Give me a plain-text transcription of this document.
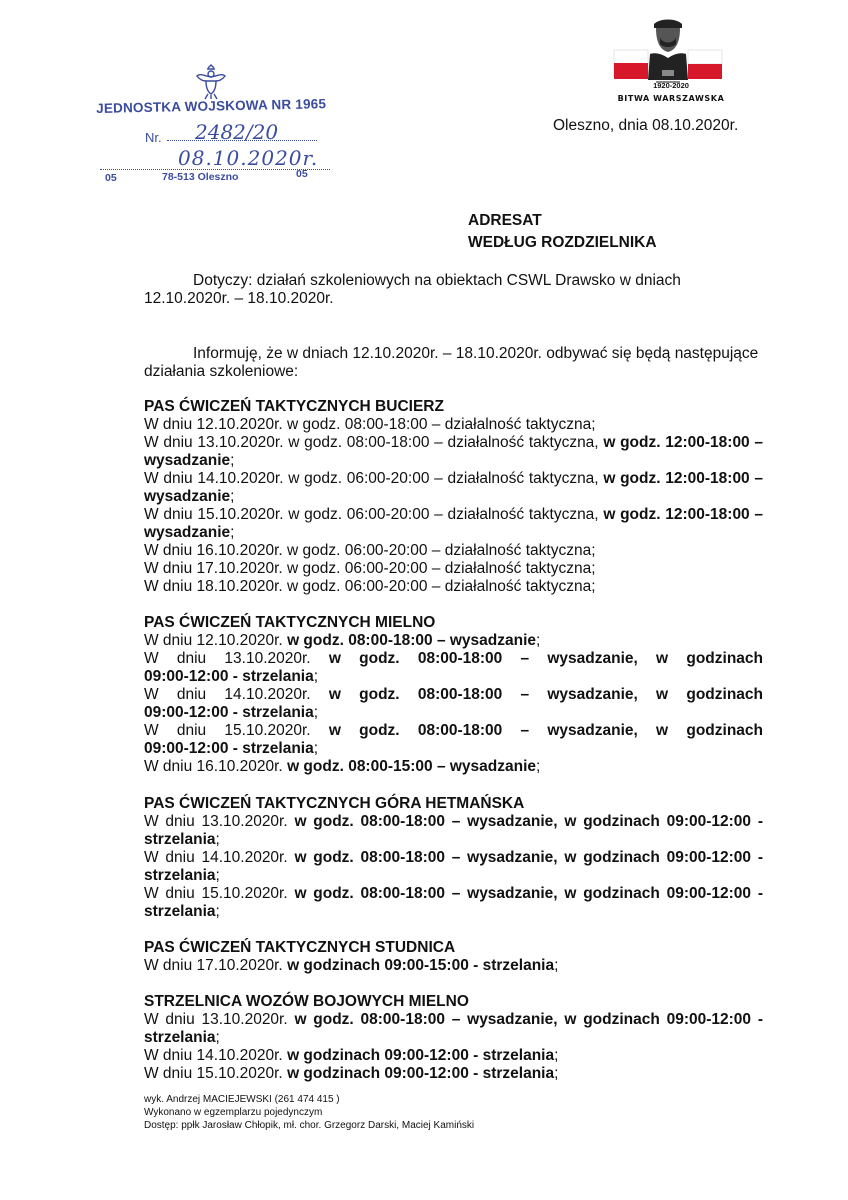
JEDNOSTKA WOJSKOWA NR 1965
Nr. 2482/20
08.10.2020r.
05	78-513 Oleszno	05
1920-2020
BITWA WARSZAWSKA
Oleszno, dnia 08.10.2020r.
ADRESAT
WEDŁUG ROZDZIELNIKA
Dotyczy: działań szkoleniowych na obiektach CSWL Drawsko w dniach
12.10.2020r. – 18.10.2020r.
Informuję, że w dniach 12.10.2020r. – 18.10.2020r. odbywać się będą następujące
działania szkoleniowe:
PAS ĆWICZEŃ TAKTYCZNYCH BUCIERZ
W dniu 12.10.2020r. w godz. 08:00-18:00 – działalność taktyczna;
W dniu 13.10.2020r. w godz. 08:00-18:00 – działalność taktyczna, w godz. 12:00-18:00 –
wysadzanie;
W dniu 14.10.2020r. w godz. 06:00-20:00 – działalność taktyczna, w godz. 12:00-18:00 –
wysadzanie;
W dniu 15.10.2020r. w godz. 06:00-20:00 – działalność taktyczna, w godz. 12:00-18:00 –
wysadzanie;
W dniu 16.10.2020r. w godz. 06:00-20:00 – działalność taktyczna;
W dniu 17.10.2020r. w godz. 06:00-20:00 – działalność taktyczna;
W dniu 18.10.2020r. w godz. 06:00-20:00 – działalność taktyczna;
PAS ĆWICZEŃ TAKTYCZNYCH MIELNO
W dniu 12.10.2020r. w godz. 08:00-18:00 – wysadzanie;
W dniu 13.10.2020r. w godz. 08:00-18:00 – wysadzanie, w godzinach
09:00-12:00 - strzelania;
W dniu 14.10.2020r. w godz. 08:00-18:00 – wysadzanie, w godzinach
09:00-12:00 - strzelania;
W dniu 15.10.2020r. w godz. 08:00-18:00 – wysadzanie, w godzinach
09:00-12:00 - strzelania;
W dniu 16.10.2020r. w godz. 08:00-15:00 – wysadzanie;
PAS ĆWICZEŃ TAKTYCZNYCH GÓRA HETMAŃSKA
W dniu 13.10.2020r. w godz. 08:00-18:00 – wysadzanie, w godzinach 09:00-12:00 -
strzelania;
W dniu 14.10.2020r. w godz. 08:00-18:00 – wysadzanie, w godzinach 09:00-12:00 -
strzelania;
W dniu 15.10.2020r. w godz. 08:00-18:00 – wysadzanie, w godzinach 09:00-12:00 -
strzelania;
PAS ĆWICZEŃ TAKTYCZNYCH STUDNICA
W dniu 17.10.2020r. w godzinach 09:00-15:00 - strzelania;
STRZELNICA WOZÓW BOJOWYCH MIELNO
W dniu 13.10.2020r. w godz. 08:00-18:00 – wysadzanie, w godzinach 09:00-12:00 -
strzelania;
W dniu 14.10.2020r. w godzinach 09:00-12:00 - strzelania;
W dniu 15.10.2020r. w godzinach 09:00-12:00 - strzelania;
wyk. Andrzej MACIEJEWSKI (261 474 415 )
Wykonano w egzemplarzu pojedynczym
Dostęp: ppłk Jarosław Chłopik, mł. chor. Grzegorz Darski, Maciej Kamiński
